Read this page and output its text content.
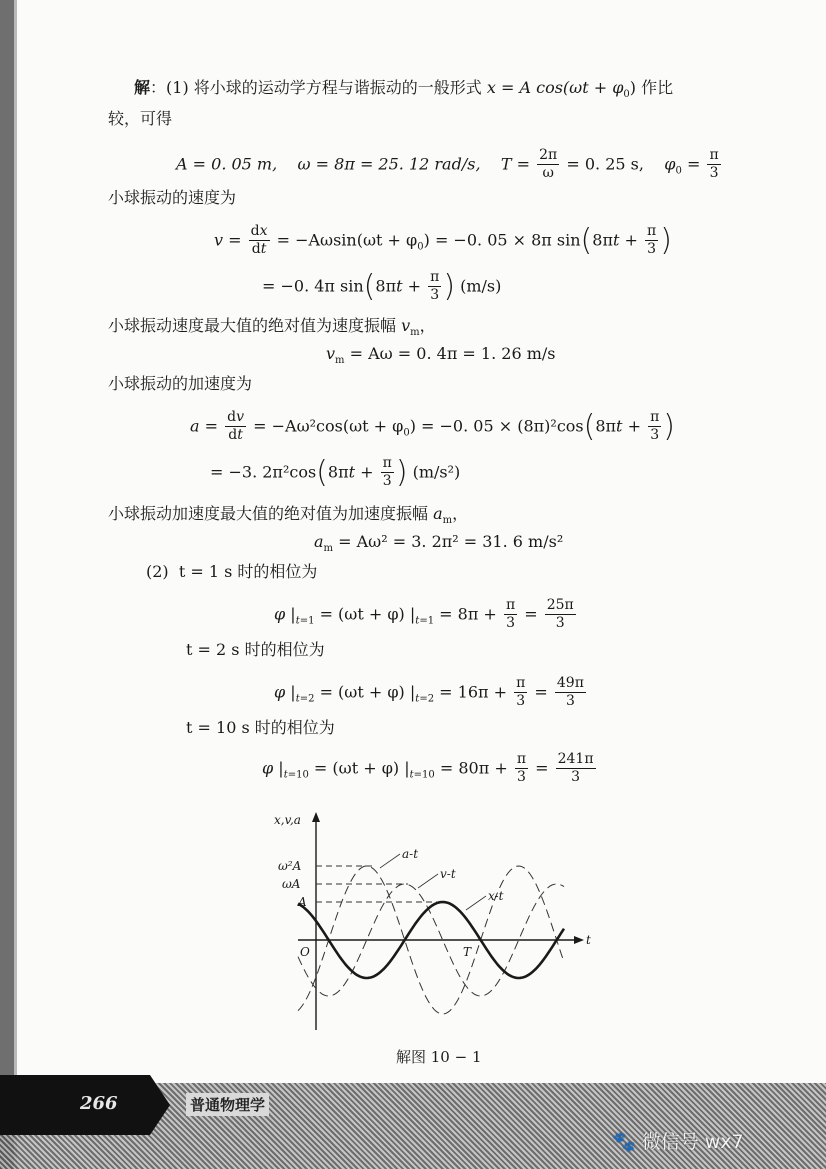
解：(1) 将小球的运动学方程与谐振动的一般形式 x = A $\cos(\omega t + \varphi_0)$ 作比
较，可得
A = 0. 05 m, ω = 8π = 25. 12 rad/s, $T = \frac{2\pi}{\omega} = 0$. 25 s, $\varphi_0 = \frac{\pi}{3}$
小球振动的速度为
$v = \frac{dx}{dt} = -A\omega\sin(\omega t + \varphi_0) = -0$. 05 × 8π $\sin(8\pi t + \frac{\pi}{3}$ )
= −0. 4π $\sin(8\pi t + \frac{\pi}{3}$ ) (m/s)
小球振动速度最大值的绝对值为速度振幅 $v_m$，
$v_m = A\omega = 0$. 4π = 1. 26 m/s
小球振动的加速度为
$a = \frac{dv}{dt} = -A\omega^2\cos(\omega t + \varphi_0) = -0$. $05 \times (8\pi)^2\cos(8\pi t + \frac{\pi}{3}$ )
= −3. $2\pi^2\cos(8\pi t + \frac{\pi}{3}$ ) (m/s²)
小球振动加速度最大值的绝对值为加速度振幅 $a_m$，
$a_m = A\omega^2 = 3$. 2π² = 31. 6 m/s²
(2) t = 1 s 时的相位为
φ $|_{t=1} = (\omega t + \varphi) |_{t=1} = 8\pi + \frac{\pi}{3} = \frac{25\pi}{3}$
t = 2 s 时的相位为
φ $|_{t=2} = (\omega t + \varphi) |_{t=2} = 16\pi + \frac{\pi}{3} = \frac{49\pi}{3}$
t = 10 s 时的相位为
φ $|_{t=10} = (\omega t + \varphi) |_{t=10} = 80\pi + \frac{\pi}{3} = \frac{241\pi}{3}$
x,v,a
t
O	T
ω²A
ωA
A
a-t
v-t
x-t
解图 10 − 1
266	普通物理学
🐾 微信号 wx7
